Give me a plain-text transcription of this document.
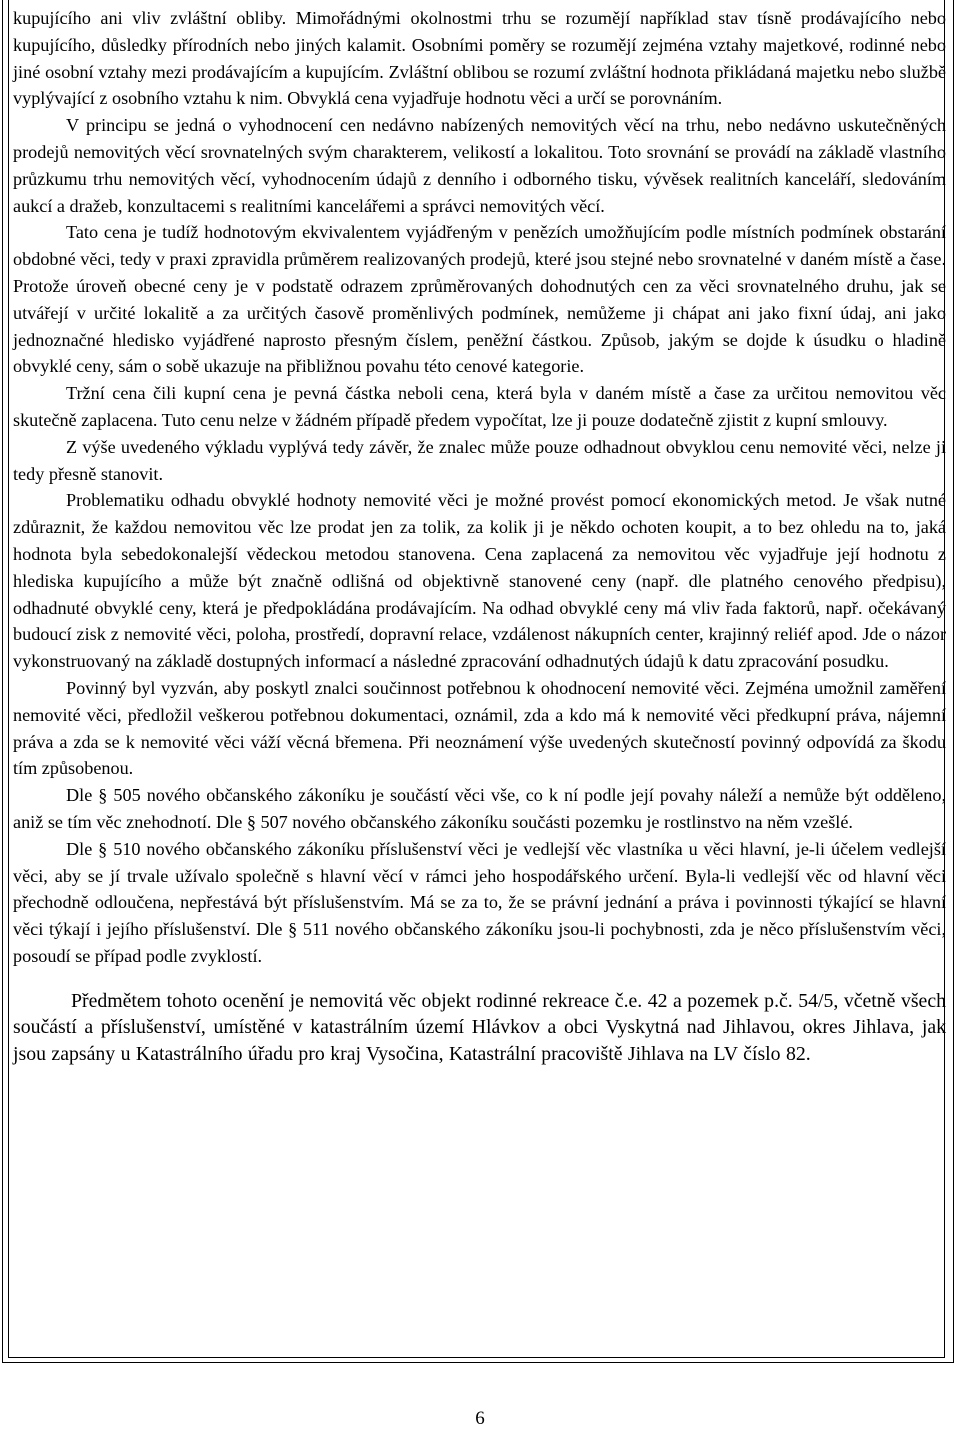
kupujícího ani vliv zvláštní obliby. Mimořádnými okolnostmi trhu se rozumějí například stav tísně prodávajícího nebo kupujícího, důsledky přírodních nebo jiných kalamit. Osobními poměry se rozumějí zejména vztahy majetkové, rodinné nebo jiné osobní vztahy mezi prodávajícím a kupujícím. Zvláštní oblibou se rozumí zvláštní hodnota přikládaná majetku nebo službě vyplývající z osobního vztahu k nim. Obvyklá cena vyjadřuje hodnotu věci a určí se porovnáním.

V principu se jedná o vyhodnocení cen nedávno nabízených nemovitých věcí na trhu, nebo nedávno uskutečněných prodejů nemovitých věcí srovnatelných svým charakterem, velikostí a lokalitou. Toto srovnání se provádí na základě vlastního průzkumu trhu nemovitých věcí, vyhodnocením údajů z denního i odborného tisku, vývěsek realitních kanceláří, sledováním aukcí a dražeb, konzultacemi s realitními kancelářemi a správci nemovitých věcí.

Tato cena je tudíž hodnotovým ekvivalentem vyjádřeným v penězích umožňujícím podle místních podmínek obstarání obdobné věci, tedy v praxi zpravidla průměrem realizovaných prodejů, které jsou stejné nebo srovnatelné v daném místě a čase. Protože úroveň obecné ceny je v podstatě odrazem zprůměrovaných dohodnutých cen za věci srovnatelného druhu, jak se utvářejí v určité lokalitě a za určitých časově proměnlivých podmínek, nemůžeme ji chápat ani jako fixní údaj, ani jako jednoznačné hledisko vyjádřené naprosto přesným číslem, peněžní částkou. Způsob, jakým se dojde k úsudku o hladině obvyklé ceny, sám o sobě ukazuje na přibližnou povahu této cenové kategorie.

Tržní cena čili kupní cena je pevná částka neboli cena, která byla v daném místě a čase za určitou nemovitou věc skutečně zaplacena. Tuto cenu nelze v žádném případě předem vypočítat, lze ji pouze dodatečně zjistit z kupní smlouvy.

Z výše uvedeného výkladu vyplývá tedy závěr, že znalec může pouze odhadnout obvyklou cenu nemovité věci, nelze ji tedy přesně stanovit.

Problematiku odhadu obvyklé hodnoty nemovité věci je možné provést pomocí ekonomických metod. Je však nutné zdůraznit, že každou nemovitou věc lze prodat jen za tolik, za kolik ji je někdo ochoten koupit, a to bez ohledu na to, jaká hodnota byla sebedokonalejší vědeckou metodou stanovena. Cena zaplacená za nemovitou věc vyjadřuje její hodnotu z hlediska kupujícího a může být značně odlišná od objektivně stanovené ceny (např. dle platného cenového předpisu), odhadnuté obvyklé ceny, která je předpokládána prodávajícím. Na odhad obvyklé ceny má vliv řada faktorů, např. očekávaný budoucí zisk z nemovité věci, poloha, prostředí, dopravní relace, vzdálenost nákupních center, krajinný reliéf apod. Jde o názor vykonstruovaný na základě dostupných informací a následné zpracování odhadnutých údajů k datu zpracování posudku.

Povinný byl vyzván, aby poskytl znalci součinnost potřebnou k ohodnocení nemovité věci. Zejména umožnil zaměření nemovité věci, předložil veškerou potřebnou dokumentaci, oznámil, zda a kdo má k nemovité věci předkupní práva, nájemní práva a zda se k nemovité věci váží věcná břemena. Při neoznámení výše uvedených skutečností povinný odpovídá za škodu tím způsobenou.

Dle § 505 nového občanského zákoníku je součástí věci vše, co k ní podle její povahy náleží a nemůže být odděleno, aniž se tím věc znehodnotí. Dle § 507 nového občanského zákoníku součásti pozemku je rostlinstvo na něm vzešlé.

Dle § 510 nového občanského zákoníku příslušenství věci je vedlejší věc vlastníka u věci hlavní, je-li účelem vedlejší věci, aby se jí trvale užívalo společně s hlavní věcí v rámci jeho hospodářského určení. Byla-li vedlejší věc od hlavní věci přechodně odloučena, nepřestává být příslušenstvím. Má se za to, že se právní jednání a práva i povinnosti týkající se hlavní věci týkají i jejího příslušenství. Dle § 511 nového občanského zákoníku jsou-li pochybnosti, zda je něco příslušenstvím věci, posoudí se případ podle zvyklostí.

Předmětem tohoto ocenění je nemovitá věc objekt rodinné rekreace č.e. 42 a pozemek p.č. 54/5, včetně všech součástí a příslušenství, umístěné v katastrálním území Hlávkov a obci Vyskytná nad Jihlavou, okres Jihlava, jak jsou zapsány u Katastrálního úřadu pro kraj Vysočina, Katastrální pracoviště Jihlava na LV číslo 82.

6
